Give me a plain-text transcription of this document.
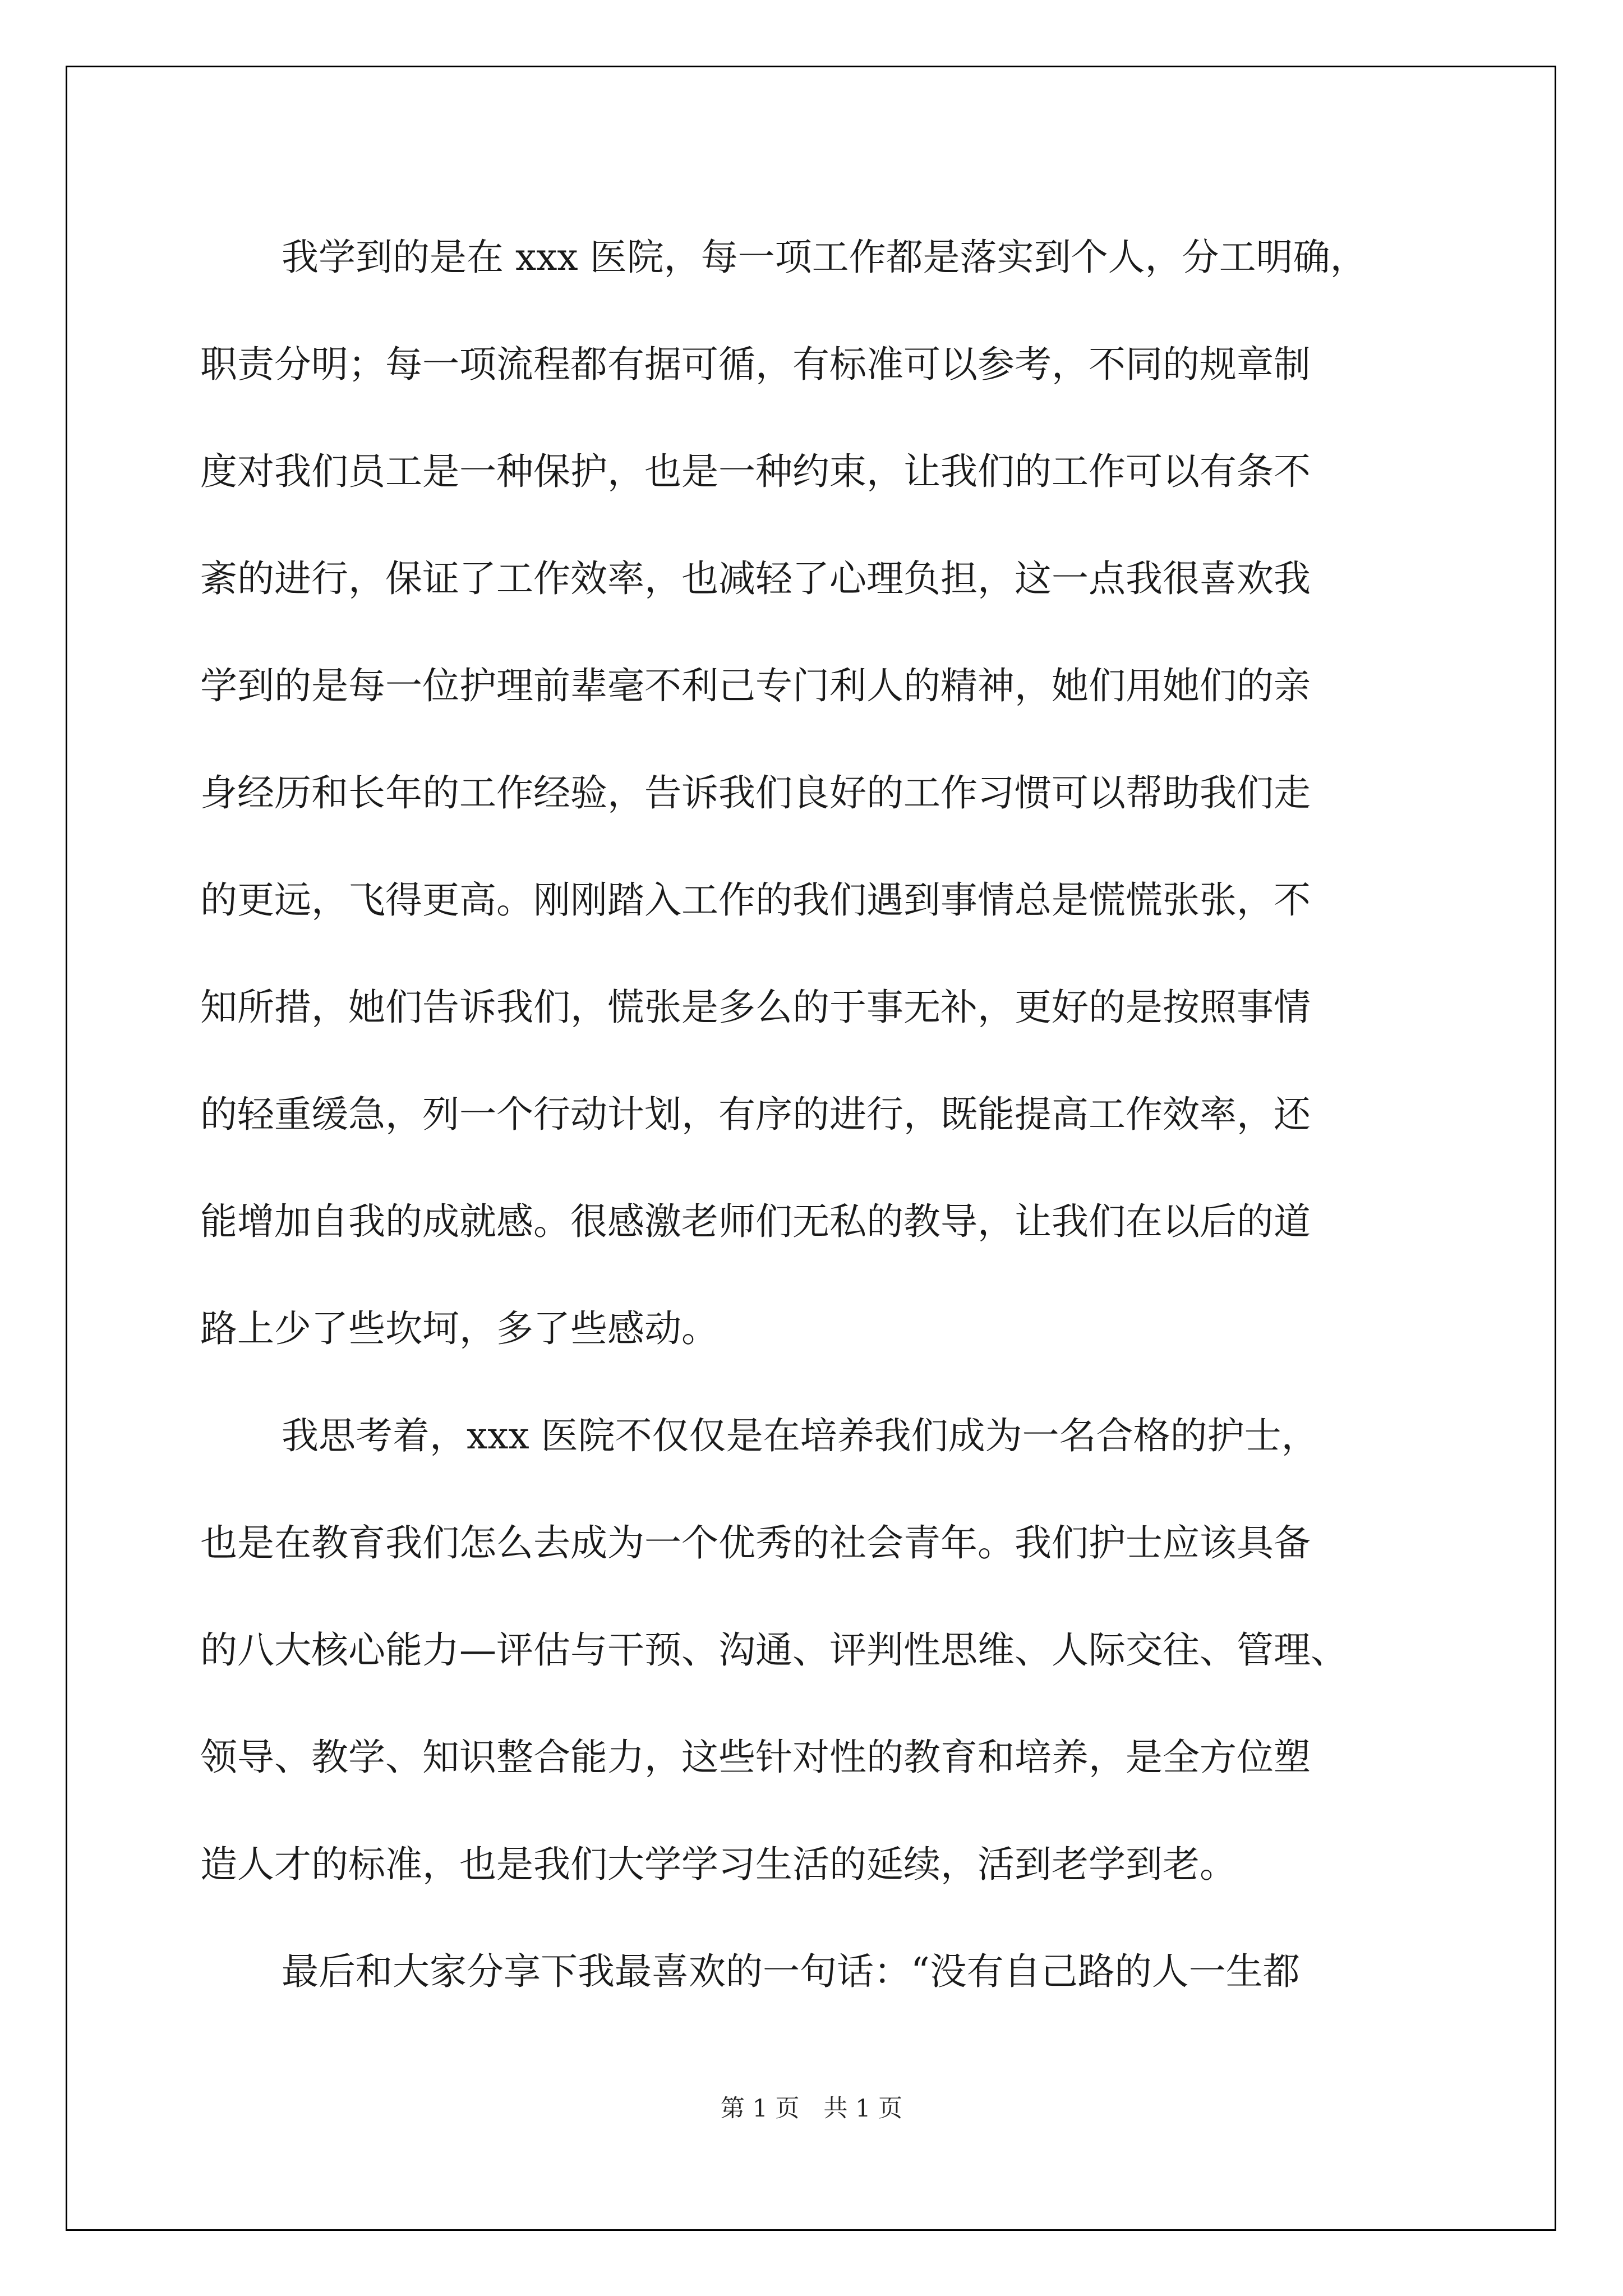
我学到的是在 xxx 医院，每一项工作都是落实到个人，分工明确，
职责分明；每一项流程都有据可循，有标准可以参考，不同的规章制
度对我们员工是一种保护，也是一种约束，让我们的工作可以有条不
紊的进行，保证了工作效率，也减轻了心理负担，这一点我很喜欢我
学到的是每一位护理前辈毫不利己专门利人的精神，她们用她们的亲
身经历和长年的工作经验，告诉我们良好的工作习惯可以帮助我们走
的更远，飞得更高。刚刚踏入工作的我们遇到事情总是慌慌张张，不
知所措，她们告诉我们，慌张是多么的于事无补，更好的是按照事情
的轻重缓急，列一个行动计划，有序的进行，既能提高工作效率，还
能增加自我的成就感。很感激老师们无私的教导，让我们在以后的道
路上少了些坎坷，多了些感动。
我思考着，xxx 医院不仅仅是在培养我们成为一名合格的护士，
也是在教育我们怎么去成为一个优秀的社会青年。我们护士应该具备
的八大核心能力—评估与干预、沟通、评判性思维、人际交往、管理、
领导、教学、知识整合能力，这些针对性的教育和培养，是全方位塑
造人才的标准，也是我们大学学习生活的延续，活到老学到老。
最后和大家分享下我最喜欢的一句话：“没有自己路的人一生都
第 1 页　共 1 页
